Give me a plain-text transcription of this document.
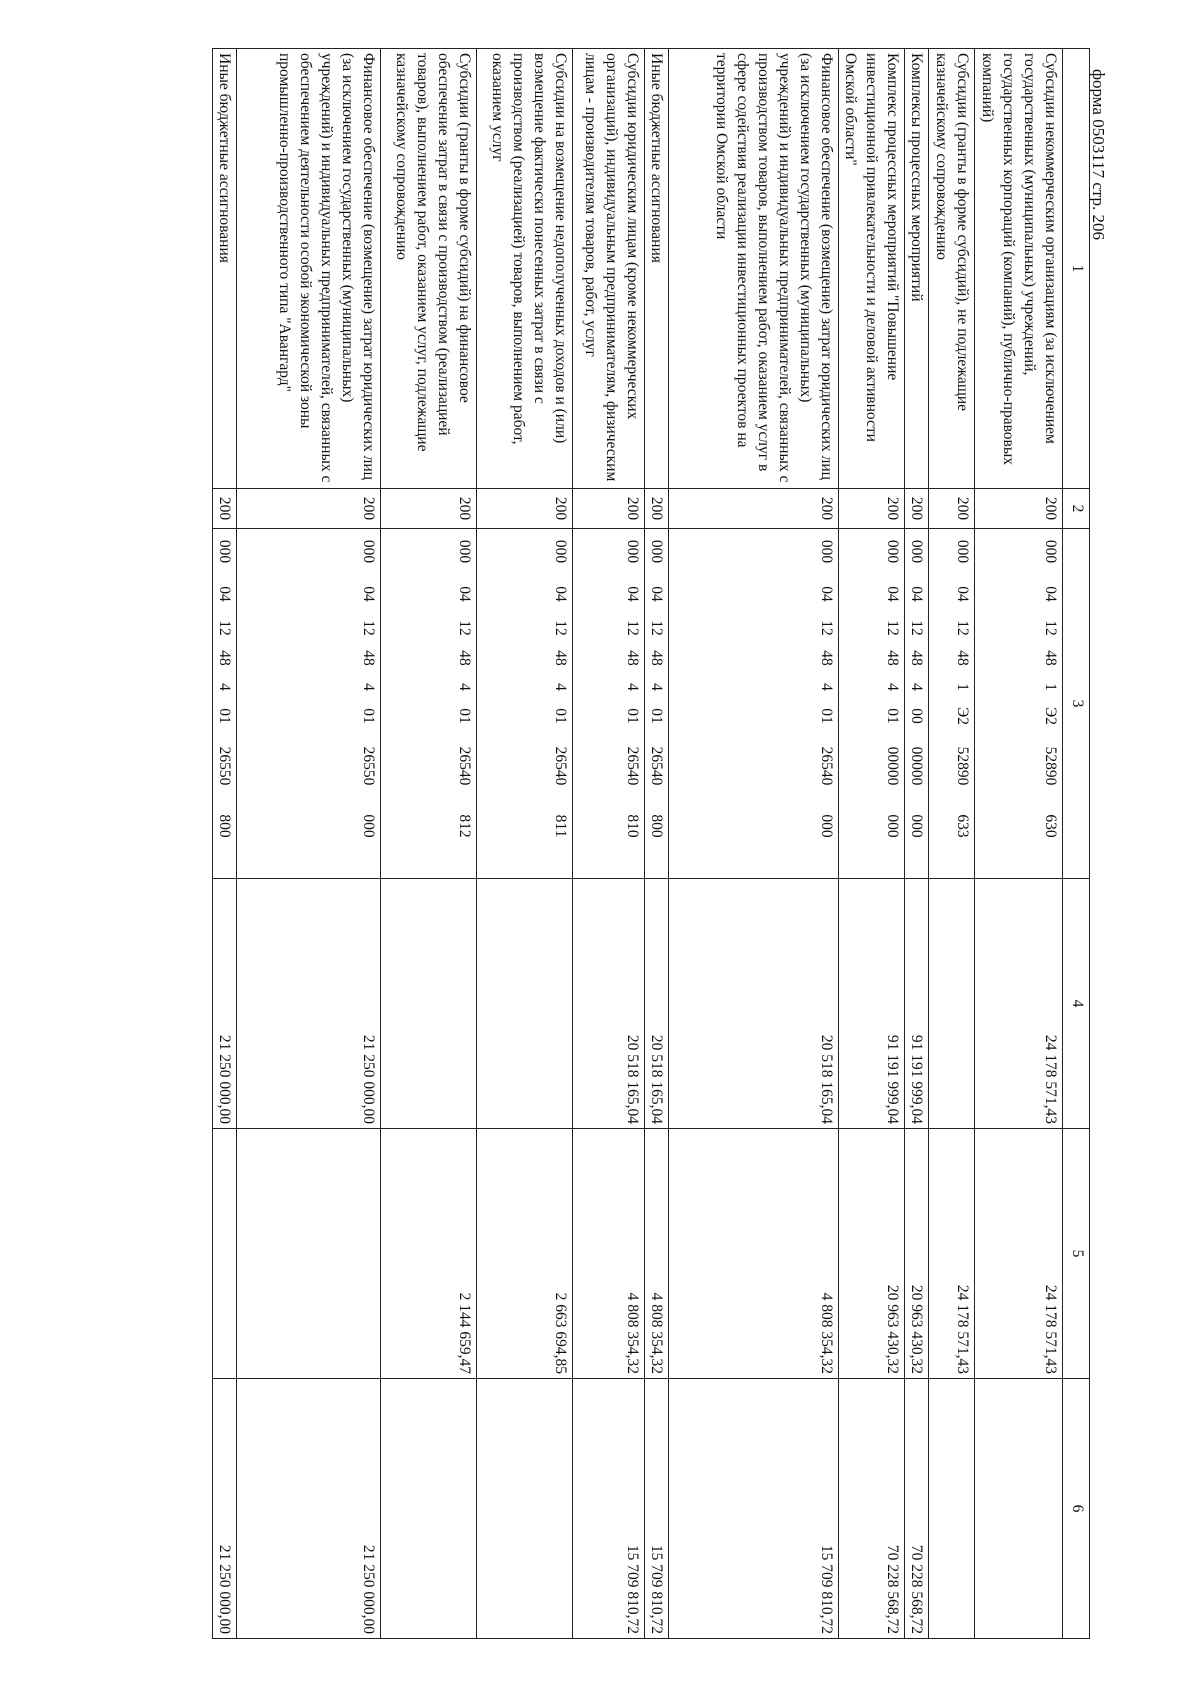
форма 0503117 стр. 206
1	2	3	4	5	6
Субсидии некоммерческим организациям (за исключением государственных (муниципальных) учреждений, государственных корпораций (компаний), публично-правовых компаний)	200	0000412481Э252890630	24 178 571,43	24 178 571,43	
Субсидии (гранты в форме субсидий), не подлежащие казначейскому сопровождению	200	0000412481Э252890633		24 178 571,43	
Комплексы процессных мероприятий	200	00004124840000000000	91 191 999,04	20 963 430,32	70 228 568,72
Комплекс процессных мероприятий "Повышение инвестиционной привлекательности и деловой активности Омской области"	200	00004124840100000000	91 191 999,04	20 963 430,32	70 228 568,72
Финансовое обеспечение (возмещение) затрат юридических лиц (за исключением государственных (муниципальных) учреждений) и индивидуальных предпринимателей, связанных с производством товаров, выполнением работ, оказанием услуг в сфере содействия реализации инвестиционных проектов на территории Омской области	200	00004124840126540000	20 518 165,04	4 808 354,32	15 709 810,72
Иные бюджетные ассигнования	200	00004124840126540800	20 518 165,04	4 808 354,32	15 709 810,72
Субсидии юридическим лицам (кроме некоммерческих организаций), индивидуальным предпринимателям, физическим лицам - производителям товаров, работ, услуг	200	00004124840126540810	20 518 165,04	4 808 354,32	15 709 810,72
Субсидии на возмещение недополученных доходов и (или) возмещение фактически понесенных затрат в связи с производством (реализацией) товаров, выполнением работ, оказанием услуг	200	00004124840126540811		2 663 694,85	
Субсидии (гранты в форме субсидий) на финансовое обеспечение затрат в связи с производством (реализацией товаров), выполнением работ, оказанием услуг, подлежащие казначейскому сопровождению	200	00004124840126540812		2 144 659,47	
Финансовое обеспечение (возмещение) затрат юридических лиц (за исключением государственных (муниципальных) учреждений) и индивидуальных предпринимателей, связанных с обеспечением деятельности особой экономической зоны промышленно-производственного типа "Авангард"	200	00004124840126550000	21 250 000,00		21 250 000,00
Иные бюджетные ассигнования	200	00004124840126550800	21 250 000,00		21 250 000,00
